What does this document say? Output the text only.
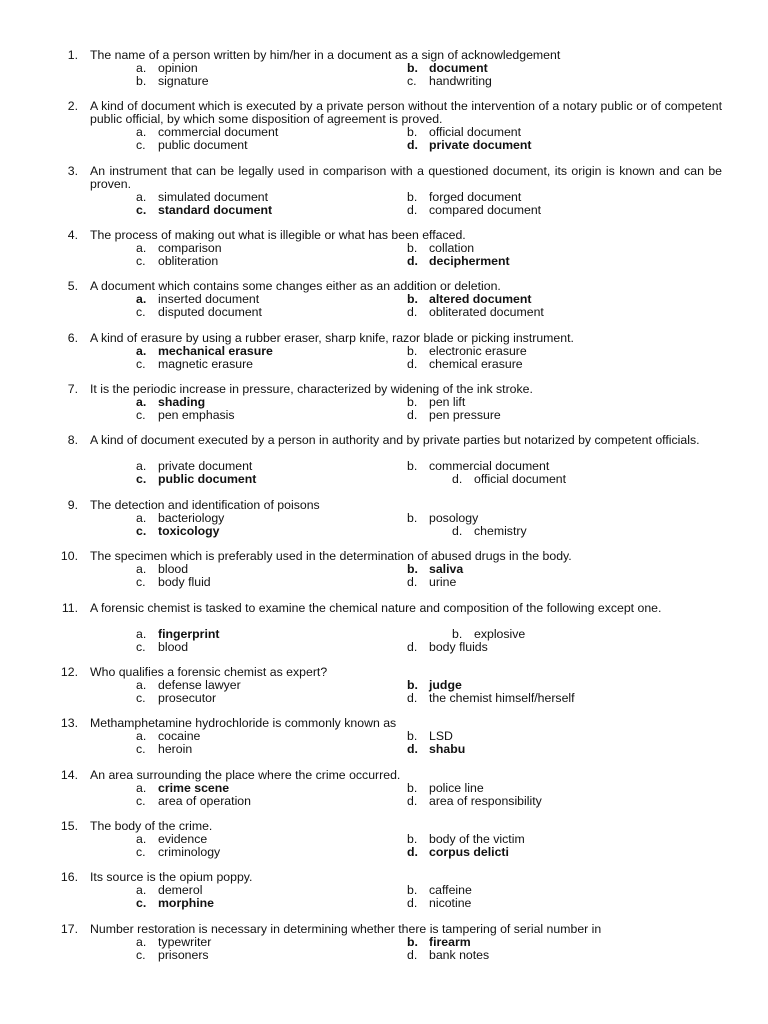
1. The name of a person written by him/her in a document as a sign of acknowledgement
a. opinion	b. document
b. signature	c. handwriting
2. A kind of document which is executed by a private person without the intervention of a notary public or of competent public official, by which some disposition of agreement is proved.
a. commercial document	b. official document
c. public document	d. private document
3. An instrument that can be legally used in comparison with a questioned document, its origin is known and can be proven.
a. simulated document	b. forged document
c. standard document	d. compared document
4. The process of making out what is illegible or what has been effaced.
a. comparison	b. collation
c. obliteration	d. decipherment
5. A document which contains some changes either as an addition or deletion.
a. inserted document	b. altered document
c. disputed document	d. obliterated document
6. A kind of erasure by using a rubber eraser, sharp knife, razor blade or picking instrument.
a. mechanical erasure	b. electronic erasure
c. magnetic erasure	d. chemical erasure
7. It is the periodic increase in pressure, characterized by widening of the ink stroke.
a. shading	b. pen lift
c. pen emphasis	d. pen pressure
8. A kind of document executed by a person in authority and by private parties but notarized by competent officials.
a. private document	b. commercial document
c. public document	d. official document
9. The detection and identification of poisons
a. bacteriology	b. posology
c. toxicology	d. chemistry
10. The specimen which is preferably used in the determination of abused drugs in the body.
a. blood	b. saliva
c. body fluid	d. urine
11. A forensic chemist is tasked to examine the chemical nature and composition of the following except one.
a. fingerprint	b. explosive
c. blood	d. body fluids
12. Who qualifies a forensic chemist as expert?
a. defense lawyer	b. judge
c. prosecutor	d. the chemist himself/herself
13. Methamphetamine hydrochloride is commonly known as
a. cocaine	b. LSD
c. heroin	d. shabu
14. An area surrounding the place where the crime occurred.
a. crime scene	b. police line
c. area of operation	d. area of responsibility
15. The body of the crime.
a. evidence	b. body of the victim
c. criminology	d. corpus delicti
16. Its source is the opium poppy.
a. demerol	b. caffeine
c. morphine	d. nicotine
17. Number restoration is necessary in determining whether there is tampering of serial number in
a. typewriter	b. firearm
c. prisoners	d. bank notes
